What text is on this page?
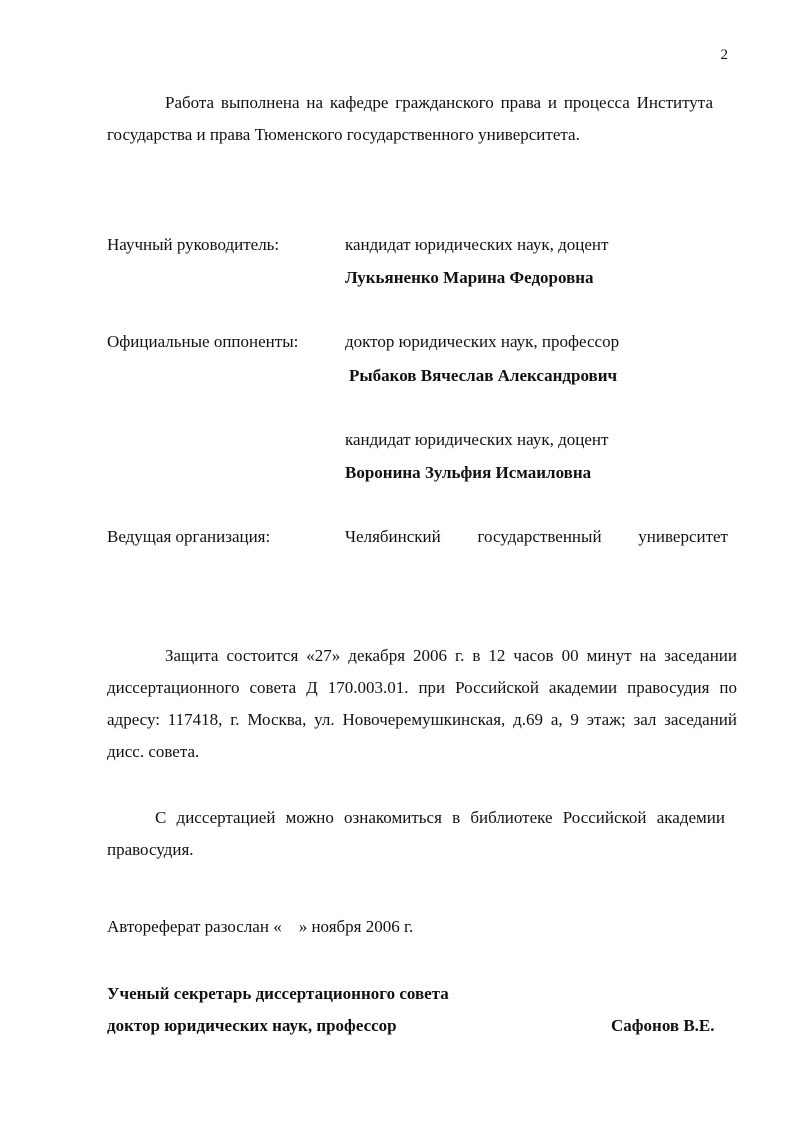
2
Работа выполнена на кафедре гражданского права и процесса Института государства и права Тюменского государственного университета.
Научный руководитель:	кандидат юридических наук, доцент
Лукьяненко Марина Федоровна
Официальные оппоненты:	доктор юридических наук, профессор
Рыбаков Вячеслав Александрович
кандидат юридических наук, доцент
Воронина Зульфия Исмаиловна
Ведущая организация:	Челябинский государственный университет
Защита состоится «27» декабря 2006 г. в 12 часов 00 минут на заседании диссертационного совета Д 170.003.01. при Российской академии правосудия по адресу: 117418, г. Москва, ул. Новочеремушкинская, д.69 а, 9 этаж; зал заседаний дисс. совета.
С диссертацией можно ознакомиться в библиотеке Российской академии правосудия.
Автореферат разослан «    » ноября 2006 г.
Ученый секретарь диссертационного совета
доктор юридических наук, профессор	Сафонов В.Е.
